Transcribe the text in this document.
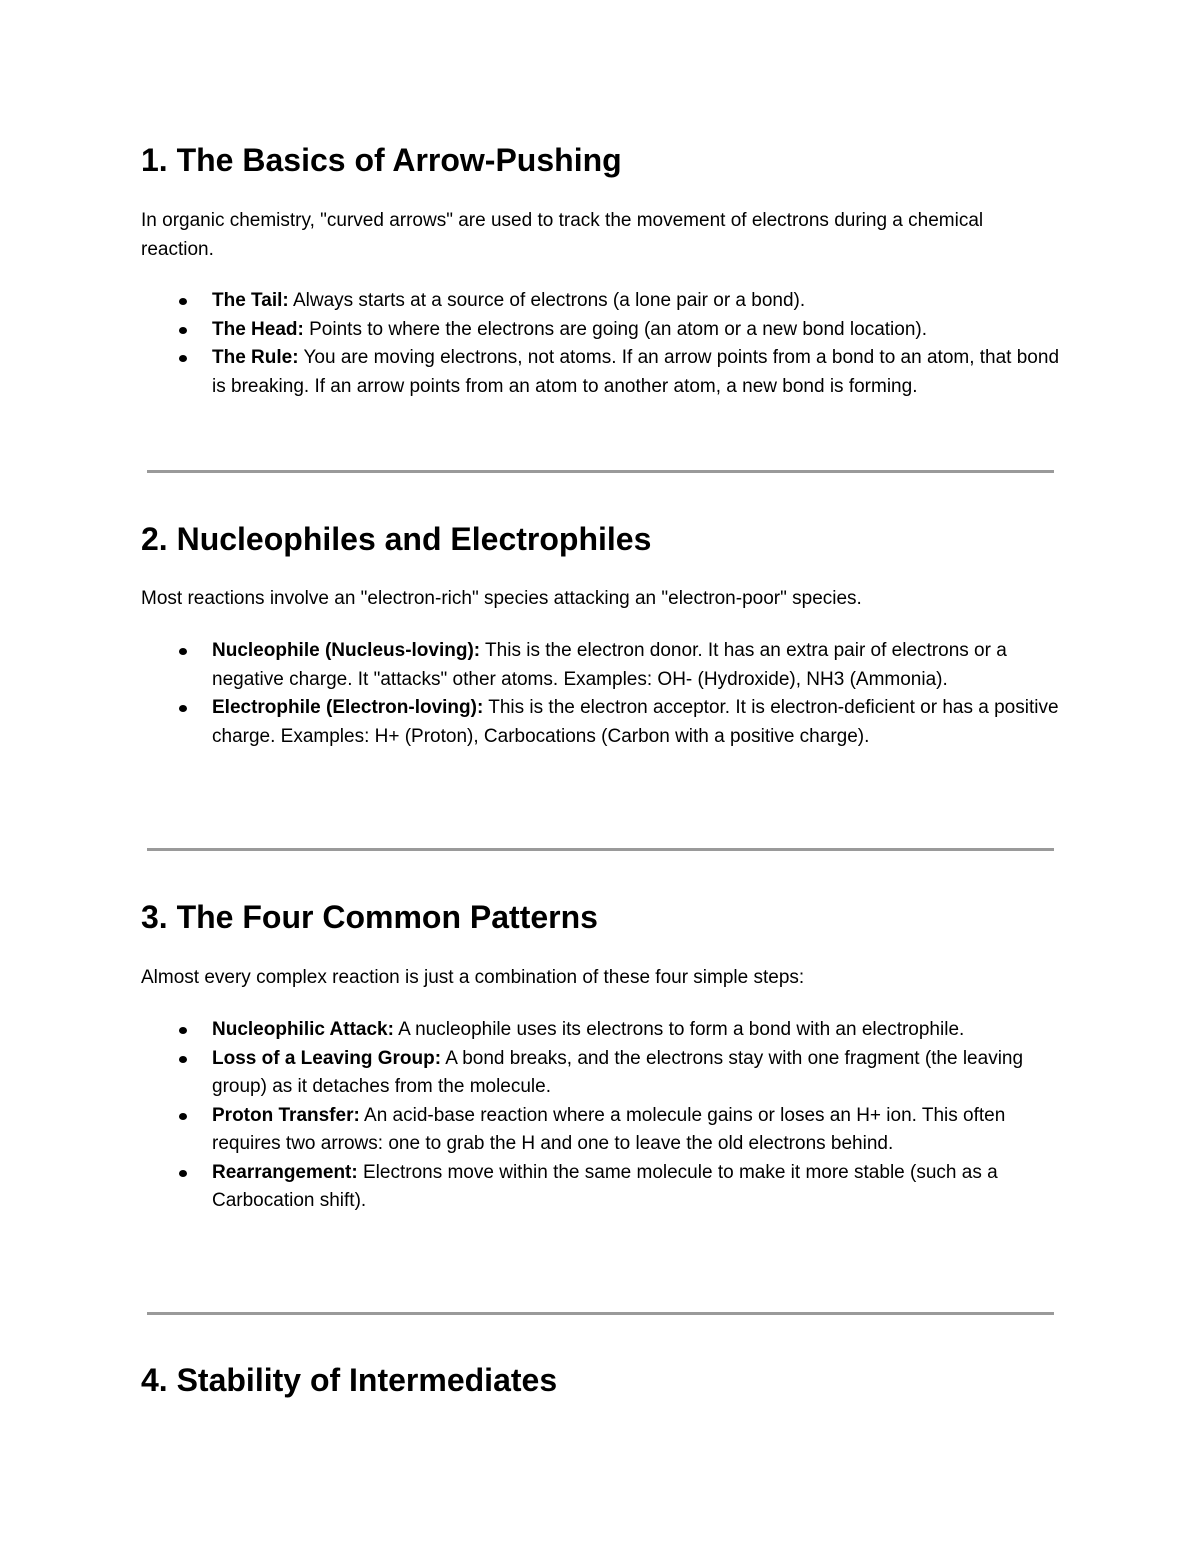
1. The Basics of Arrow-Pushing

In organic chemistry, "curved arrows" are used to track the movement of electrons during a chemical reaction.

The Tail: Always starts at a source of electrons (a lone pair or a bond).
The Head: Points to where the electrons are going (an atom or a new bond location).
The Rule: You are moving electrons, not atoms. If an arrow points from a bond to an atom, that bond is breaking. If an arrow points from an atom to another atom, a new bond is forming.
2. Nucleophiles and Electrophiles

Most reactions involve an "electron-rich" species attacking an "electron-poor" species.

Nucleophile (Nucleus-loving): This is the electron donor. It has an extra pair of electrons or a negative charge. It "attacks" other atoms. Examples: OH- (Hydroxide), NH3 (Ammonia).
Electrophile (Electron-loving): This is the electron acceptor. It is electron-deficient or has a positive charge. Examples: H+ (Proton), Carbocations (Carbon with a positive charge).
3. The Four Common Patterns

Almost every complex reaction is just a combination of these four simple steps:

Nucleophilic Attack: A nucleophile uses its electrons to form a bond with an electrophile.
Loss of a Leaving Group: A bond breaks, and the electrons stay with one fragment (the leaving group) as it detaches from the molecule.
Proton Transfer: An acid-base reaction where a molecule gains or loses an H+ ion. This often requires two arrows: one to grab the H and one to leave the old electrons behind.
Rearrangement: Electrons move within the same molecule to make it more stable (such as a Carbocation shift).
4. Stability of Intermediates
